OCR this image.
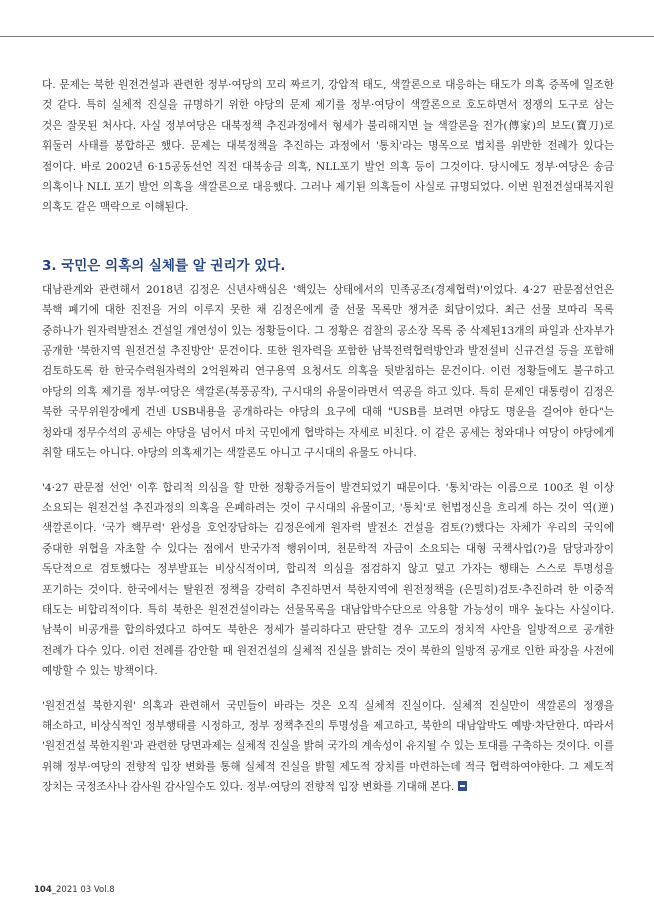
다. 문제는 북한 원전건설과 관련한 정부·여당의 꼬리 짜르기, 강압적 태도, 색깔론으로 대응하는 태도가 의혹 증폭에 일조한 것 같다. 특히 실체적 진실을 규명하기 위한 야당의 문제 제기를 정부·여당이 색깔론으로 호도하면서 정쟁의 도구로 삼는 것은 잘못된 처사다. 사실 정부여당은 대북정책 추진과정에서 형세가 불리해지면 늘 색깔론을 전가(傳家)의 보도(寶刀)로 휘둘러 사태를 봉합하곤 했다. 문제는 대북정책을 추진하는 과정에서 '통치'라는 명목으로 법치를 위반한 전례가 있다는 점이다. 바로 2002년 6·15공동선언 직전 대북송금 의혹, NLL포기 발언 의혹 등이 그것이다. 당시에도 정부·여당은 송금 의혹이나 NLL 포기 발언 의혹을 색깔론으로 대응했다. 그러나 제기된 의혹들이 사실로 규명되었다. 이번 원전건설대북지원 의혹도 같은 맥락으로 이해된다.

3. 국민은 의혹의 실체를 알 권리가 있다.

대남관계와 관련해서 2018년 김정은 신년사핵심은 '핵있는 상태에서의 민족공조(경제협력)'이었다. 4·27 판문점선언은 북핵 폐기에 대한 진전을 거의 이루지 못한 채 김정은에게 줄 선물 목록만 챙겨준 회담이었다. 최근 선물 보따리 목록 중하나가 원자력발전소 건설일 개연성이 있는 정황들이다. 그 정황은 검찰의 공소장 목록 중 삭제된13개의 파일과 산자부가 공개한 '북한지역 원전건설 추진방안' 문건이다. 또한 원자력을 포함한 남북전력협력방안과 발전설비 신규건설 등을 포함해 검토하도록 한 한국수력원자력의 2억원짜리 연구용역 요청서도 의혹을 뒷받침하는 문건이다. 이런 정황들에도 불구하고 야당의 의혹 제기를 정부·여당은 색깔론(북풍공작), 구시대의 유물이라면서 역공을 하고 있다. 특히 문제인 대통령이 김정은 북한 국무위원장에게 건넨 USB내용을 공개하라는 야당의 요구에 대해 "USB를 보려면 야당도 명운을 걸어야 한다"는 청와대 정무수석의 공세는 야당을 넘어서 마치 국민에게 협박하는 자세로 비친다. 이 같은 공세는 청와대나 여당이 야당에게 취할 태도는 아니다. 야당의 의혹제기는 색깔론도 아니고 구시대의 유물도 아니다.

'4·27 판문점 선언' 이후 합리적 의심을 할 만한 정황증거들이 발견되었기 때문이다. '통치'라는 이름으로 100조 원 이상 소요되는 원전건설 추진과정의 의혹을 은폐하려는 것이 구시대의 유물이고, '통치'로 헌법정신을 흐리게 하는 것이 역(逆)색깔론이다. '국가 핵무력' 완성을 호언장담하는 김정은에게 원자력 발전소 건설을 검토(?)했다는 자체가 우리의 국익에 중대한 위협을 자초할 수 있다는 점에서 반국가적 행위이며, 천문학적 자금이 소요되는 대형 국책사업(?)을 담당과장이 독단적으로 검토했다는 정부발표는 비상식적이며, 합리적 의심을 점검하지 않고 덮고 가자는 행태는 스스로 투명성을 포기하는 것이다. 한국에서는 탈원전 정책을 강력히 추진하면서 북한지역에 원전정책을 (은밀히)검토·추진하려 한 이중적 태도는 비합리적이다. 특히 북한은 원전건설이라는 선물목록을 대남압박수단으로 악용할 가능성이 매우 높다는 사실이다. 남북이 비공개를 합의하였다고 하여도 북한은 정세가 불리하다고 판단할 경우 고도의 정치적 사안을 일방적으로 공개한 전례가 다수 있다. 이런 전례를 감안할 때 원전건설의 실체적 진실을 밝히는 것이 북한의 일방적 공개로 인한 파장을 사전에 예방할 수 있는 방책이다.

'원전건설 북한지원' 의혹과 관련해서 국민들이 바라는 것은 오직 실체적 진실이다. 실체적 진실만이 색깔론의 정쟁을 해소하고, 비상식적인 정부행태를 시정하고, 정부 정책추진의 투명성을 제고하고, 북한의 대남압박도 예방·차단한다. 따라서 '원전건설 북한지원'과 관련한 당면과제는 실체적 진실을 밝혀 국가의 계속성이 유지될 수 있는 토대를 구축하는 것이다. 이를 위해 정부·여당의 전향적 입장 변화를 통해 실체적 진실을 밝힐 제도적 장치를 마련하는데 적극 협력하여야한다. 그 제도적 장치는 국정조사나 감사원 감사일수도 있다. 정부·여당의 전향적 입장 변화를 기대해 본다.

104_2021 03 Vol.8
